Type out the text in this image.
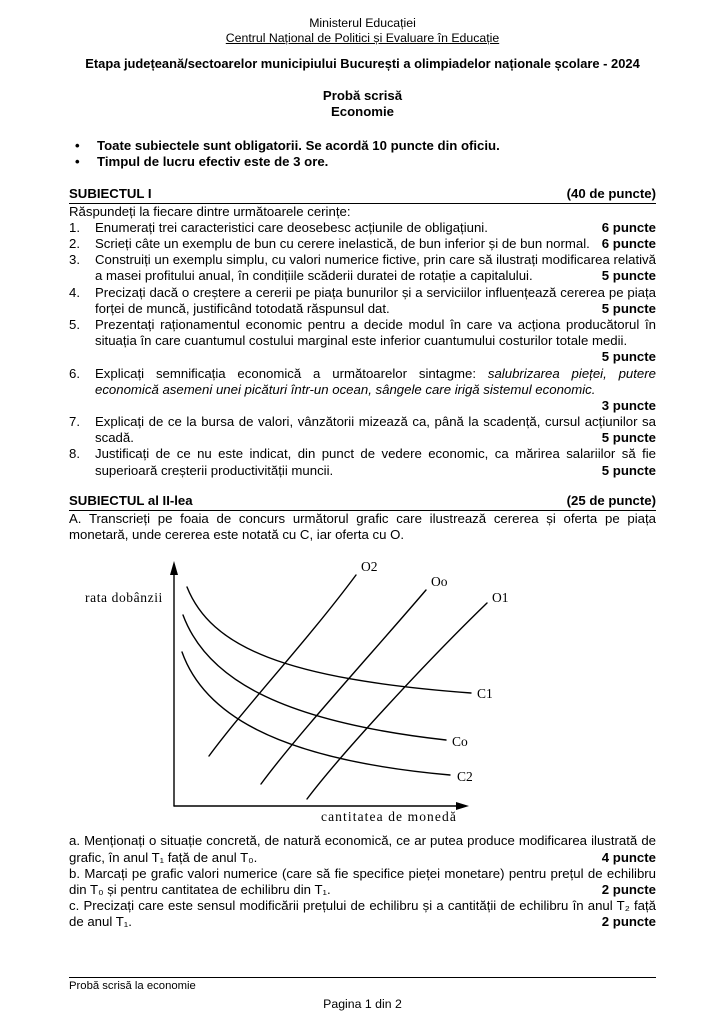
Ministerul Educației
Centrul Național de Politici și Evaluare în Educație
Etapa județeană/sectoarelor municipiului București a olimpiadelor naționale școlare - 2024
Probă scrisă
Economie
•	Toate subiectele sunt obligatorii. Se acordă 10 puncte din oficiu.
•	Timpul de lucru efectiv este de 3 ore.
SUBIECTUL I	(40 de puncte)
Răspundeți la fiecare dintre următoarele cerințe:
1.	Enumerați trei caracteristici care deosebesc acțiunile de obligațiuni.	6 puncte
2.	Scrieți câte un exemplu de bun cu cerere inelastică, de bun inferior și de bun normal. 6 puncte
3.	Construiți un exemplu simplu, cu valori numerice fictive, prin care să ilustrați modificarea relativă a masei profitului anual, în condițiile scăderii duratei de rotație a capitalului.	5 puncte
4.	Precizați dacă o creștere a cererii pe piața bunurilor și a serviciilor influențează cererea pe piața forței de muncă, justificând totodată răspunsul dat.	5 puncte
5.	Prezentați raționamentul economic pentru a decide modul în care va acționa producătorul în situația în care cuantumul costului marginal este inferior cuantumului costurilor totale medii.
5 puncte
6.	Explicați semnificația economică a următoarelor sintagme: salubrizarea pieței, putere economică asemeni unei picături într-un ocean, sângele care irigă sistemul economic.
3 puncte
7.	Explicați de ce la bursa de valori, vânzătorii mizează ca, până la scadență, cursul acțiunilor sa scadă.	5 puncte
8.	Justificați de ce nu este indicat, din punct de vedere economic, ca mărirea salariilor să fie superioară creșterii productivității muncii.	5 puncte
SUBIECTUL al II-lea	(25 de puncte)
A. Transcrieți pe foaia de concurs următorul grafic care ilustrează cererea și oferta pe piața monetară, unde cererea este notată cu C, iar oferta cu O.
rata dobânzii
O2
Oo
O1
C1
Co
C2
cantitatea de monedă
a. Menționați o situație concretă, de natură economică, ce ar putea produce modificarea ilustrată de grafic, în anul T₁ față de anul T₀.	4 puncte
b. Marcați pe grafic valori numerice (care să fie specifice pieței monetare) pentru prețul de echilibru din T₀ și pentru cantitatea de echilibru din T₁.	2 puncte
c. Precizați care este sensul modificării prețului de echilibru și a cantității de echilibru în anul T₂ față de anul T₁.	2 puncte
Probă scrisă la economie
Pagina 1 din 2
